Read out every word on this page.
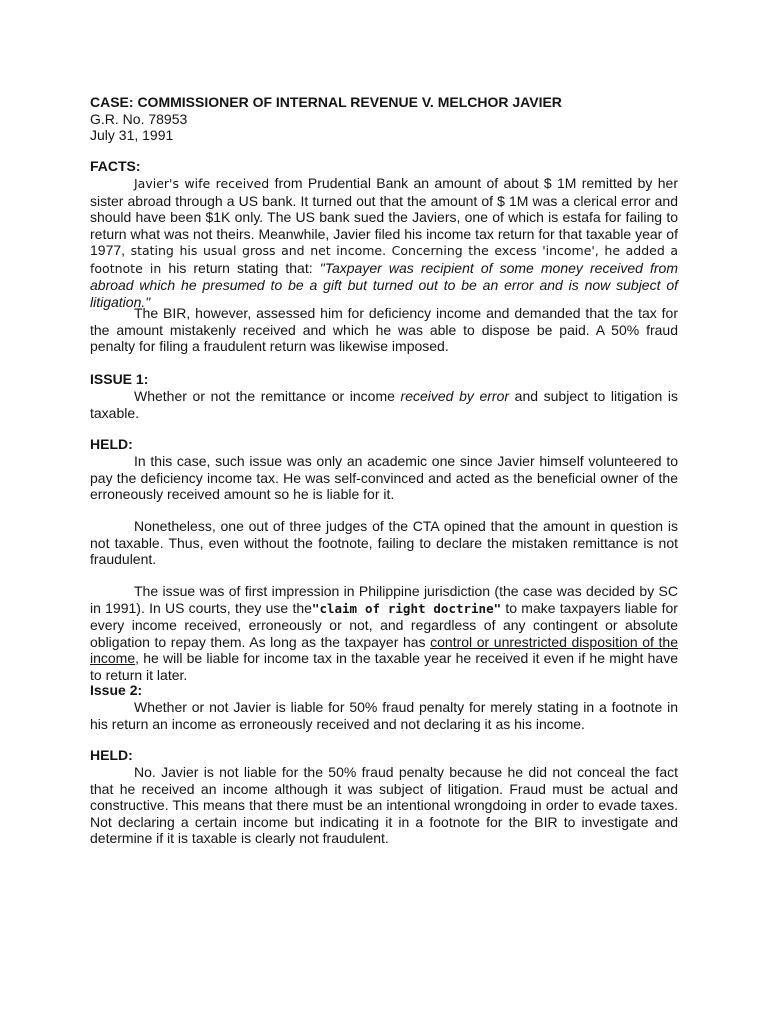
CASE: COMMISSIONER OF INTERNAL REVENUE V. MELCHOR JAVIER
G.R. No. 78953
July 31, 1991
FACTS:
Javier's wife received from Prudential Bank an amount of about $ 1M remitted by her sister abroad through a US bank. It turned out that the amount of $ 1M was a clerical error and should have been $1K only. The US bank sued the Javiers, one of which is estafa for failing to return what was not theirs. Meanwhile, Javier filed his income tax return for that taxable year of 1977, stating his usual gross and net income. Concerning the excess 'income', he added a footnote in his return stating that: "Taxpayer was recipient of some money received from abroad which he presumed to be a gift but turned out to be an error and is now subject of litigation."
The BIR, however, assessed him for deficiency income and demanded that the tax for the amount mistakenly received and which he was able to dispose be paid. A 50% fraud penalty for filing a fraudulent return was likewise imposed.
ISSUE 1:
Whether or not the remittance or income received by error and subject to litigation is taxable.
HELD:
In this case, such issue was only an academic one since Javier himself volunteered to pay the deficiency income tax. He was self-convinced and acted as the beneficial owner of the erroneously received amount so he is liable for it.
Nonetheless, one out of three judges of the CTA opined that the amount in question is not taxable. Thus, even without the footnote, failing to declare the mistaken remittance is not fraudulent.
The issue was of first impression in Philippine jurisdiction (the case was decided by SC in 1991). In US courts, they use the"claim of right doctrine" to make taxpayers liable for every income received, erroneously or not, and regardless of any contingent or absolute obligation to repay them. As long as the taxpayer has control or unrestricted disposition of the income, he will be liable for income tax in the taxable year he received it even if he might have to return it later.
Issue 2:
Whether or not Javier is liable for 50% fraud penalty for merely stating in a footnote in his return an income as erroneously received and not declaring it as his income.
HELD:
No. Javier is not liable for the 50% fraud penalty because he did not conceal the fact that he received an income although it was subject of litigation. Fraud must be actual and constructive. This means that there must be an intentional wrongdoing in order to evade taxes. Not declaring a certain income but indicating it in a footnote for the BIR to investigate and determine if it is taxable is clearly not fraudulent.
